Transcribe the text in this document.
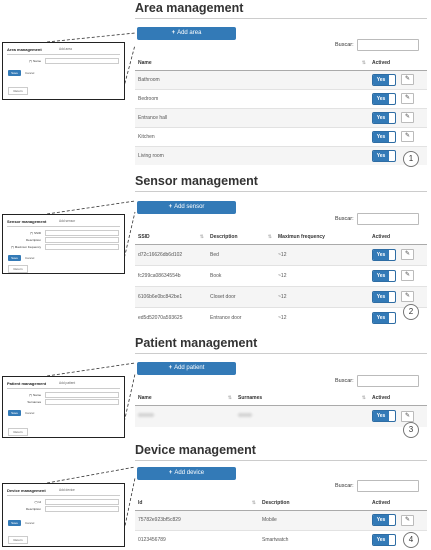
Area management	Add area
(*) Name
Save	Cancel
Return
Sensor management	Add sensor
(*) SSID
Description
(*) Maximun frequency
Save	Cancel
Return
Patient management	Add patient
(*) Name
Surnames
Save	Cancel
Return
Device management	Add device
(*) Id
Description
Save	Cancel
Return
Area management
+ Add area
Buscar:
Name ⇅	Actived
Bathroom	Yes ✎
Bedroom	Yes ✎
Entrance hall	Yes ✎
Kitchen	Yes ✎
Living room	Yes	1
Sensor management
+ Add sensor
Buscar:
SSID ⇅	Description ⇅	Maximun frequency	Actived
d72c16626db6d102	Bed	~12	Yes ✎
fc299ca08634554b	Book	~12	Yes ✎
6106b6e0bc842be1	Closet door	~12	Yes ✎
ed5d52070a593625	Entrance door	~12	Yes
2
Patient management
+ Add patient
Buscar:
Name ⇅	Surnames ⇅	Actived
		Yes ✎
3
Device management
+ Add device
Buscar:
Id ⇅	Description	Actived
75782e923bf5c829	Mobile	Yes ✎
0123456789	Smartwatch	Yes	4
